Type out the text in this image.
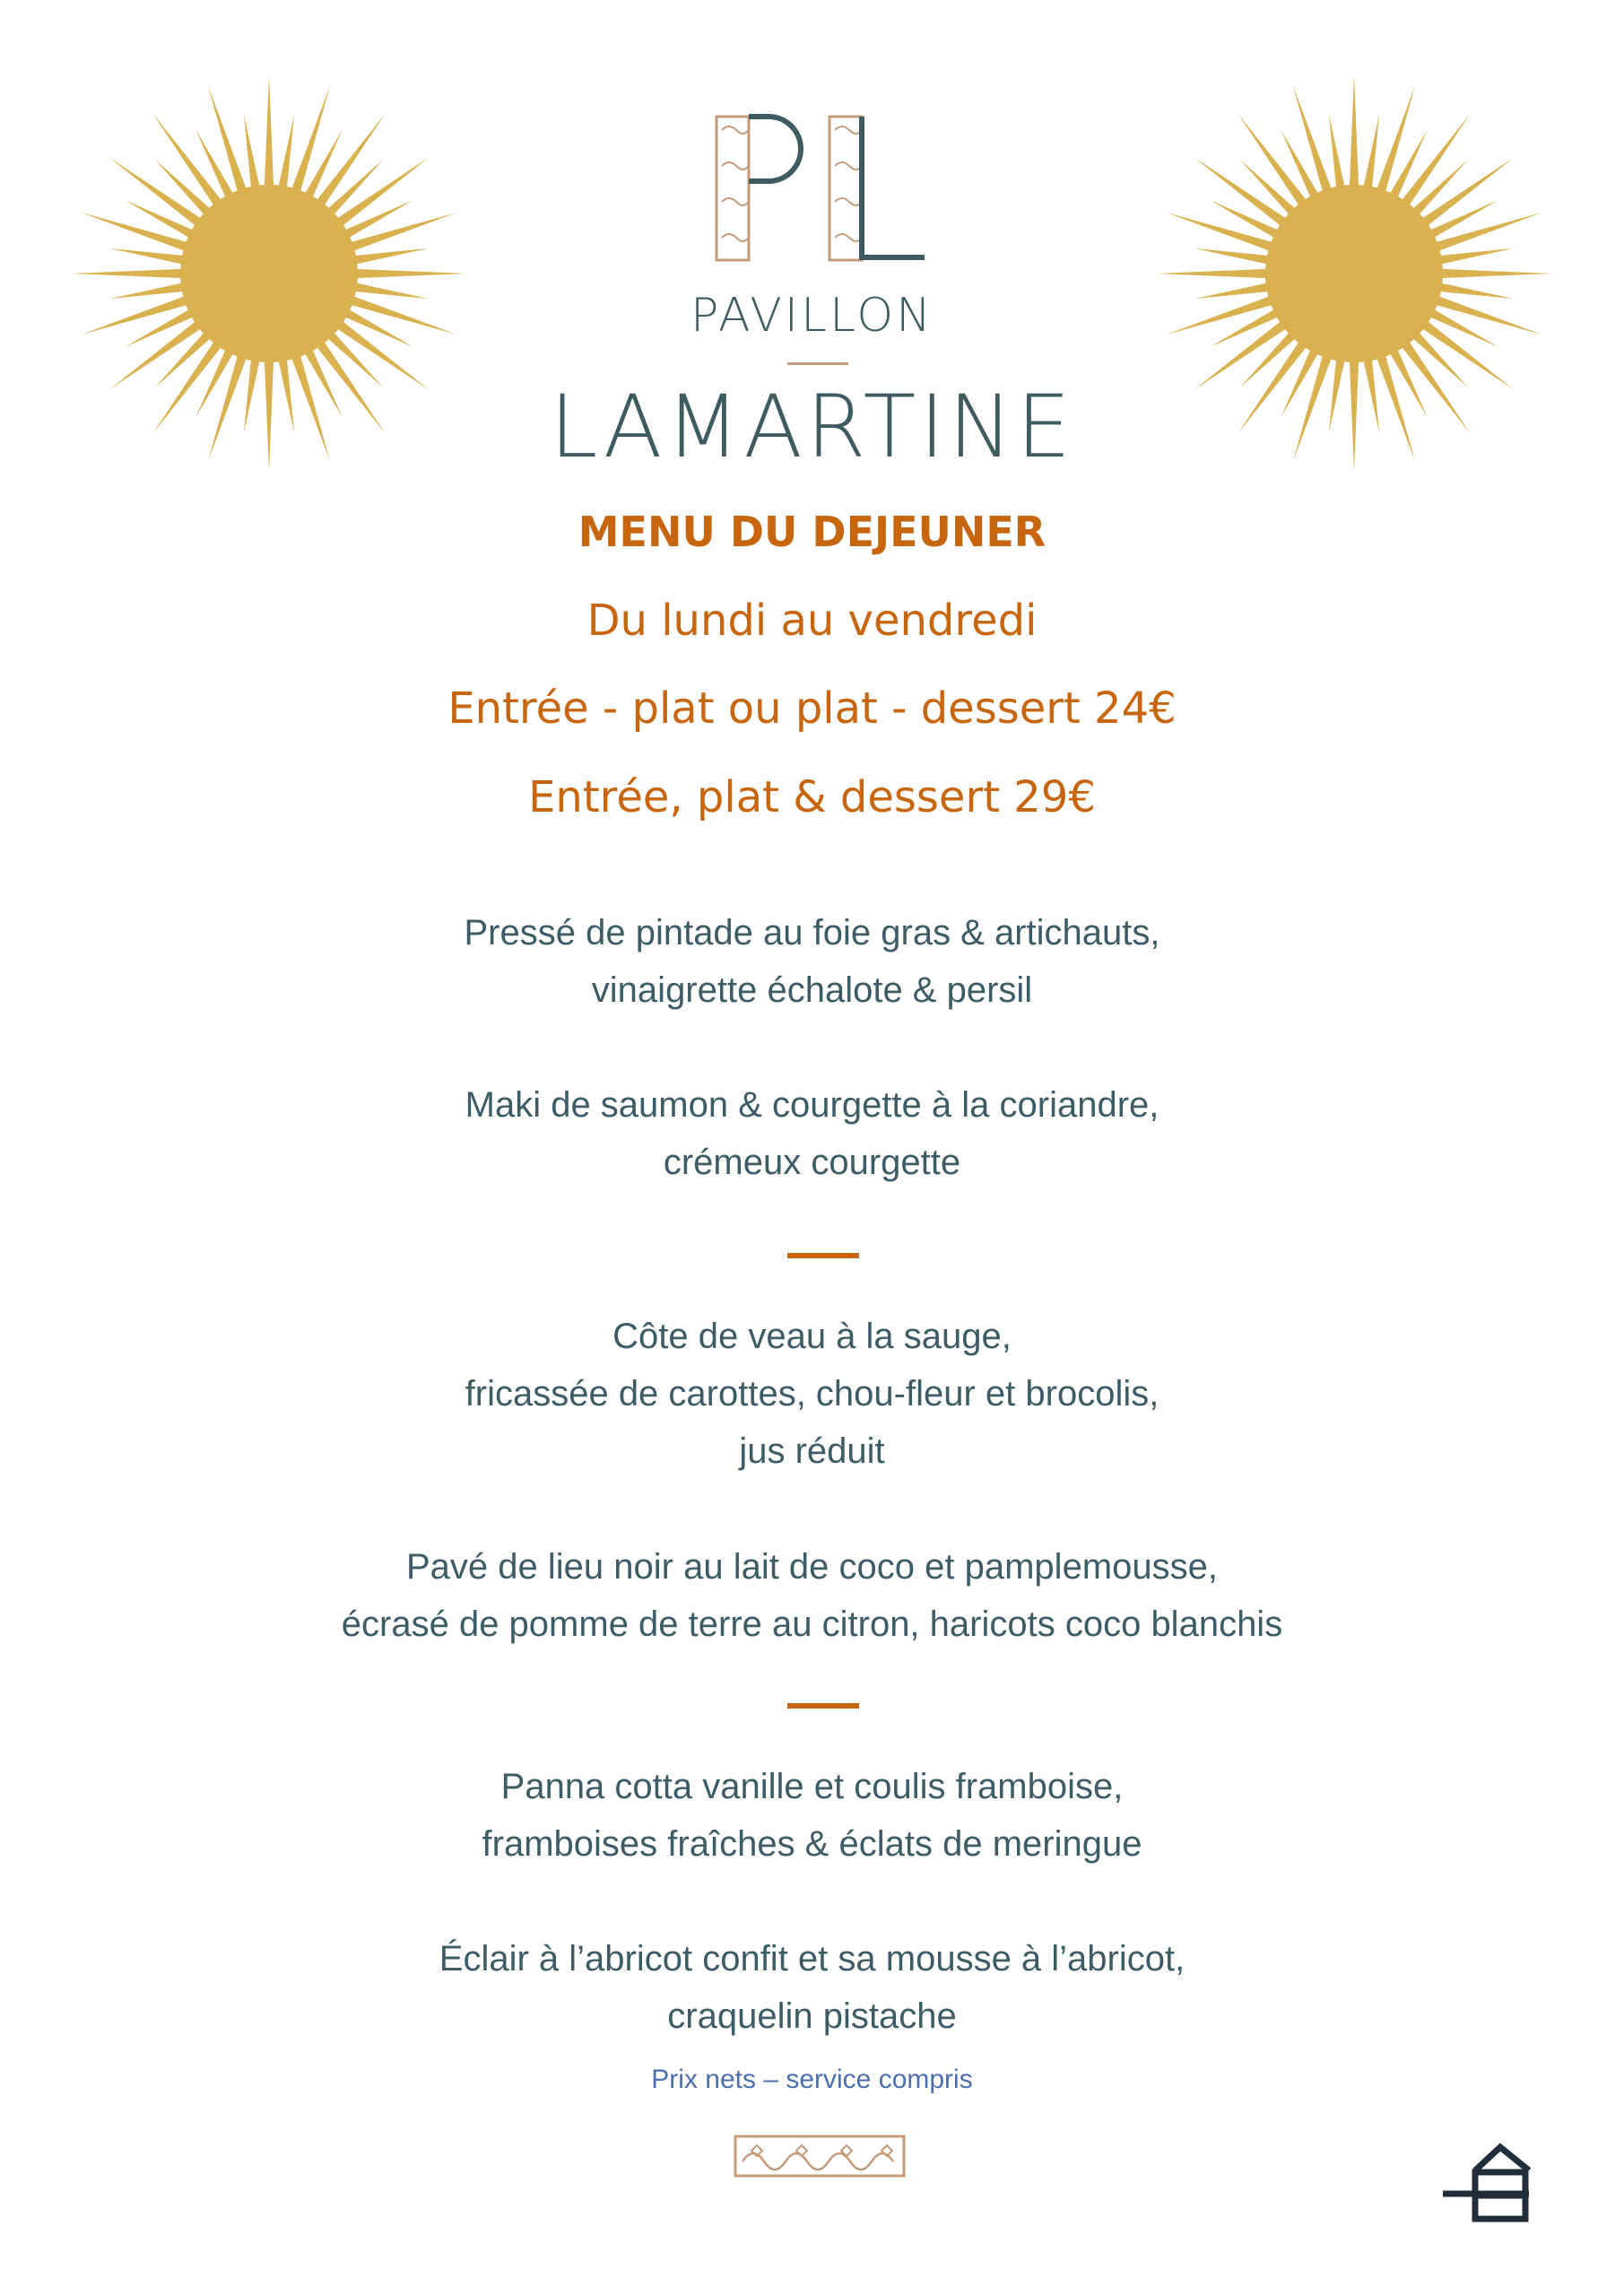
PAVILLON
LAMARTINE
MENU DU DEJEUNER
Du lundi au vendredi
Entrée - plat ou plat - dessert 24€
Entrée, plat & dessert 29€
Pressé de pintade au foie gras & artichauts,
vinaigrette échalote & persil
Maki de saumon & courgette à la coriandre,
crémeux courgette
Côte de veau à la sauge,
fricassée de carottes, chou-fleur et brocolis,
jus réduit
Pavé de lieu noir au lait de coco et pamplemousse,
écrasé de pomme de terre au citron, haricots coco blanchis
Panna cotta vanille et coulis framboise,
framboises fraîches & éclats de meringue
Éclair à l’abricot confit et sa mousse à l’abricot,
craquelin pistache
Prix nets – service compris
